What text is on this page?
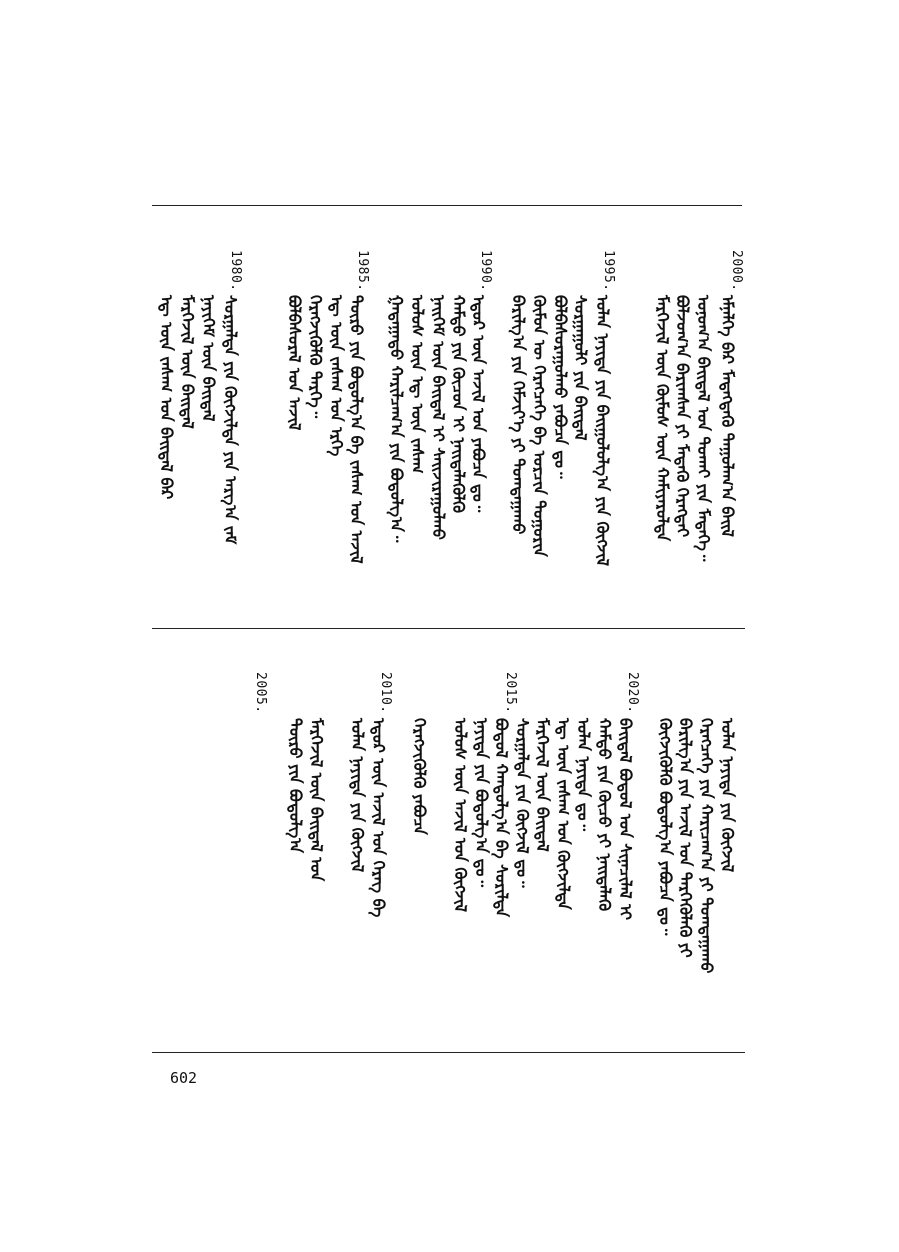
2000.
1995.
1990.
1985.
1980.
ᠡᠮᠨᠡᠯᠭᠡ ᠪᠡᠷ ᠮᠡᠳᠡᠭᠳᠡᠬᠦ ᠳᠠᠭᠤᠯᠠᠭ᠎ᠠ ᠪᠠᠢᠯ
ᠣᠨᠣᠭ᠎ᠠ ᠪᠠᠢᠳᠠᠯ ᠤᠨ ᠲᠤᠬᠠᠢ ᠶᠢᠨ ᠮᠡᠳᠡᠭᠡ᠃
ᠪᠣᠯᠵᠣᠭ᠎ᠠ ᠪᠠᠷᠢᠭᠰᠠᠨ ᠶᠢ ᠮᠡᠳᠡᠬᠦ ᠬᠡᠷᠡᠭᠲᠡᠢ
ᠮᠡᠷᠭᠡᠵᠢᠯ ᠦᠨ ᠬᠦᠮᠦᠰ ᠦᠨ ᠬᠠᠮᠢᠶᠠᠷᠤᠯᠲᠠ
ᠣᠯᠠᠨ ᠨᠡᠶᠢᠲᠡ ᠶᠢᠨ ᠪᠠᠢᠭᠤᠯᠤᠯᠭ᠎ᠠ ᠶᠢᠨ ᠬᠦᠭᠵᠢᠯ
ᠰᠤᠷᠭᠠᠭᠤᠯᠢ ᠶᠢᠨ ᠪᠠᠢᠳᠠᠯ
ᠪᠣᠯᠪᠠᠰᠤᠷᠠᠭᠤᠯᠬᠤ ᠶᠠᠪᠤᠴᠠ ᠳᠤ᠃
ᠬᠦᠮᠦᠨ ᠦ ᠬᠡᠷᠡᠭᠴᠡᠭᠡ ᠪᠠ ᠣᠷᠴᠢᠨ ᠲᠣᠭᠣᠷᠢᠨ
ᠪᠠᠷᠢᠯᠭ᠎ᠠ ᠶᠢᠨ ᠬᠡᠮᠵᠢᠶ᠎ᠡ ᠶᠢ ᠲᠣᠭᠲᠠᠭᠠᠬᠤ
ᠡᠳᠦᠷ ᠦᠨ ᠠᠵᠢᠯ ᠤᠨ ᠶᠠᠪᠤᠴᠠ ᠳᠤ᠃
ᠬᠠᠮᠲᠤ ᠶᠢᠨ ᠬᠦᠴᠦᠨ ᠢ ᠨᠡᠢᠲᠡᠯᠡᠭᠦᠯᠬᠦ
ᠨᠡᠢᠭᠡᠮ ᠦᠨ ᠪᠠᠢᠳᠠᠯ ᠢ ᠰᠠᠢᠵᠢᠷᠠᠭᠤᠯᠬᠤ
ᠤᠯᠤᠰ ᠦᠨ ᠡᠳ᠋ ᠦᠨ ᠵᠠᠰᠠᠭ
ᠭᠠᠳᠠᠭᠠᠳᠤ ᠬᠠᠷᠢᠯᠴᠠᠭ᠎ᠠ ᠶᠢᠨ ᠪᠣᠳᠣᠯᠭ᠎ᠠ᠃
ᠲᠥᠷᠦ ᠶᠢᠨ ᠪᠣᠳᠣᠯᠭ᠎ᠠ ᠪᠠ ᠵᠠᠰᠠᠭ ᠤᠨ ᠠᠵᠢᠯ
ᠡᠳ᠋ ᠦᠨ ᠵᠠᠰᠠᠭ ᠤᠨ ᠡᠷᠬᠡ
ᠬᠡᠷᠡᠭᠵᠢᠭᠦᠯᠬᠦ ᠲᠡᠷᠭᠡ᠃
ᠪᠣᠯᠪᠠᠰᠤᠷᠠᠯ ᠤᠨ ᠠᠵᠢᠯ
ᠰᠤᠷᠭᠠᠯᠲᠠ ᠶᠢᠨ ᠬᠦᠭᠵᠢᠯᠲᠡ ᠶᠢᠨ ᠠᠷᠭ᠎ᠠ ᠵᠠᠮ
ᠨᠡᠶᠢᠭᠡᠮ ᠦᠨ ᠪᠠᠢᠳᠠᠯ
ᠮᠡᠷᠭᠡᠵᠢᠯ ᠦᠨ ᠪᠠᠢᠳᠠᠯ
ᠡᠳ᠋ ᠦᠨ ᠵᠠᠰᠠᠭ ᠤᠨ ᠪᠠᠢᠳᠠᠯ ᠪᠠᠷ
2020.
2015.
2010.
2005.
ᠣᠯᠠᠨ ᠨᠡᠶᠢᠲᠡ ᠶᠢᠨ ᠬᠥᠭᠵᠢᠯ
ᠬᠡᠷᠡᠭᠴᠡᠭᠡ ᠶᠢᠨ ᠬᠠᠷᠢᠴᠠᠭ᠎ᠠ ᠶᠢ ᠲᠣᠭᠲᠠᠭᠠᠬᠤ
ᠪᠠᠷᠢᠯᠭ᠎ᠠ ᠶᠢᠨ ᠠᠵᠢᠯ ᠤᠨ ᠲᠡᠷᠭᠡᠭᠦᠯᠡᠬᠦ ᠶᠢ
ᠬᠥᠭᠵᠢᠭᠦᠯᠬᠦ ᠪᠣᠳᠣᠯᠭ᠎ᠠ ᠶᠠᠪᠤᠴᠠ ᠳᠤ᠃
ᠪᠠᠢᠳᠠᠯ ᠪᠣᠳᠣᠯ ᠤᠨ ᠰᠢᠨᠡᠴᠢᠯᠡᠯ ᠢ
ᠬᠠᠮᠲᠤ ᠶᠢᠨ ᠬᠦᠴᠦ ᠶᠢ ᠨᠡᠢᠲᠡᠯᠡᠬᠦ
ᠣᠯᠠᠨ ᠨᠡᠶᠢᠲᠡ ᠳᠤ᠃
ᠡᠳ᠋ ᠦᠨ ᠵᠠᠰᠠᠭ ᠤᠨ ᠬᠦᠭᠵᠢᠯᠲᠡ
ᠮᠡᠷᠭᠡᠵᠢᠯ ᠦᠨ ᠪᠠᠢᠳᠠᠯ
ᠰᠤᠷᠭᠠᠯᠲᠠ ᠶᠢᠨ ᠬᠦᠭᠵᠢᠯ ᠳᠤ᠃
ᠪᠣᠳᠣᠯ ᠬᠠᠨᠳᠤᠯᠭ᠎ᠠ ᠪᠠ ᠰᠣᠷᠢᠯᠲᠠ
ᠨᠡᠶᠢᠲᠡ ᠶᠢᠨ ᠪᠣᠳᠣᠯᠭ᠎ᠠ ᠳᠤ᠃
ᠤᠯᠤᠰ ᠦᠨ ᠠᠵᠢᠯ ᠤᠨ ᠬᠥᠭᠵᠢᠯ
ᠬᠡᠷᠡᠭᠵᠢᠭᠦᠯᠬᠦ ᠶᠠᠪᠤᠴᠠ
ᠡᠳᠦᠷ ᠦᠨ ᠠᠵᠢᠯ ᠤᠨ ᠬᠡᠷᠡᠭ ᠪᠠ
ᠣᠯᠠᠨ ᠨᠡᠶᠢᠲᠡ ᠶᠢᠨ ᠬᠥᠭᠵᠢᠯ
ᠮᠡᠷᠭᠡᠵᠢᠯ ᠦᠨ ᠪᠠᠢᠳᠠᠯ ᠤᠨ
ᠲᠥᠷᠦ ᠶᠢᠨ ᠪᠣᠳᠣᠯᠭ᠎ᠠ
602
